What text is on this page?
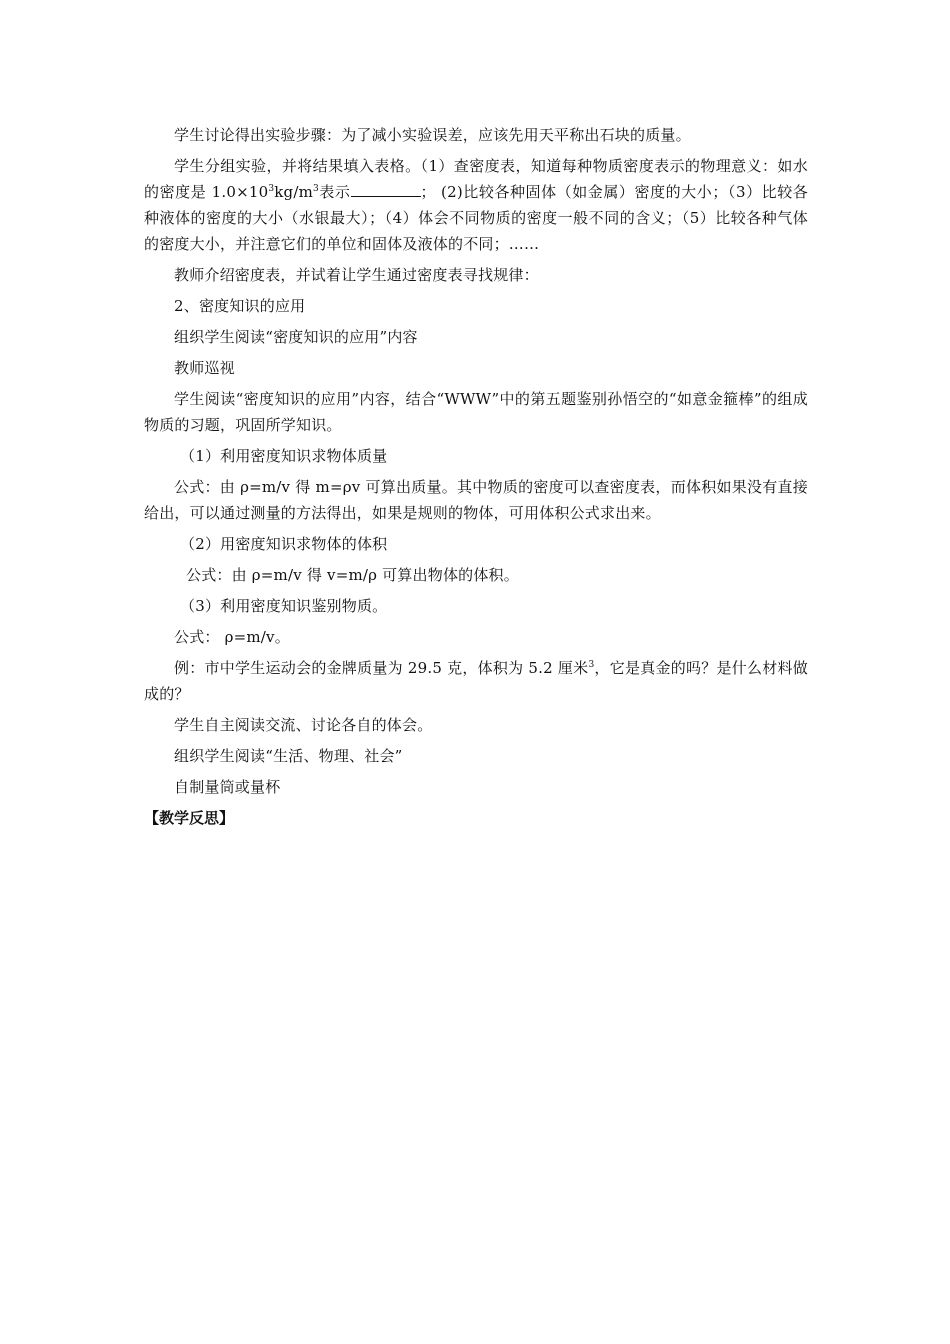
学生讨论得出实验步骤：为了减小实验误差，应该先用天平称出石块的质量。

学生分组实验，并将结果填入表格。（1）查密度表，知道每种物质密度表示的物理意义：如水的密度是 $1.0\times 10^3kg/m^3$表示	； (2)比较各种固体（如金属）密度的大小；（3）比较各种液体的密度的大小（水银最大）；（4）体会不同物质的密度一般不同的含义；（5）比较各种气体的密度大小，并注意它们的单位和固体及液体的不同；……

教师介绍密度表，并试着让学生通过密度表寻找规律：

2、密度知识的应用

组织学生阅读“密度知识的应用”内容

教师巡视

学生阅读“密度知识的应用”内容，结合“WWW”中的第五题鉴别孙悟空的“如意金箍棒”的组成物质的习题，巩固所学知识。

（1）利用密度知识求物体质量

公式：由 ρ=m/v 得 m=ρv 可算出质量。其中物质的密度可以查密度表，而体积如果没有直接给出，可以通过测量的方法得出，如果是规则的物体，可用体积公式求出来。

（2）用密度知识求物体的体积

公式：由 ρ=m/v 得 v=m/ρ 可算出物体的体积。

（3）利用密度知识鉴别物质。

公式： ρ=m/v。

例：市中学生运动会的金牌质量为 29.5 克，体积为 5.2 厘米$^3$，它是真金的吗？是什么材料做成的？

学生自主阅读交流、讨论各自的体会。

组织学生阅读“生活、物理、社会”

自制量筒或量杯

【教学反思】
